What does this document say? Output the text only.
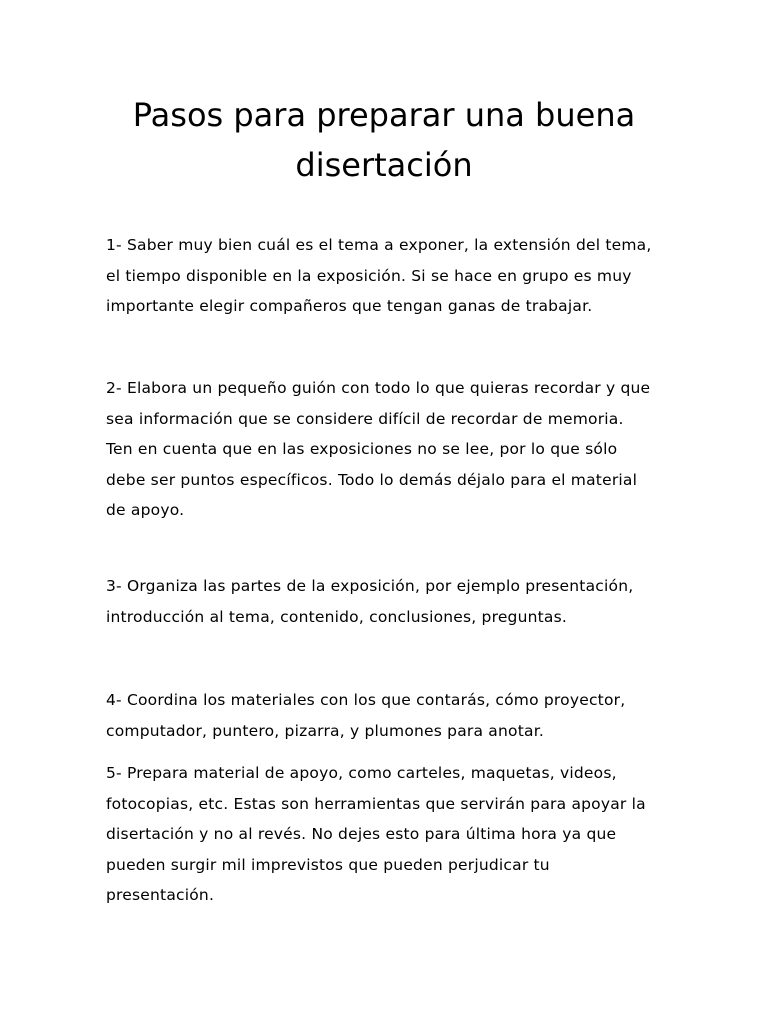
Pasos para preparar una buena
disertación

1- Saber muy bien cuál es el tema a exponer, la extensión del tema,
el tiempo disponible en la exposición. Si se hace en grupo es muy
importante elegir compañeros que tengan ganas de trabajar.

2- Elabora un pequeño guión con todo lo que quieras recordar y que
sea información que se considere difícil de recordar de memoria.
Ten en cuenta que en las exposiciones no se lee, por lo que sólo
debe ser puntos específicos. Todo lo demás déjalo para el material
de apoyo.

3- Organiza las partes de la exposición, por ejemplo presentación,
introducción al tema, contenido, conclusiones, preguntas.

4- Coordina los materiales con los que contarás, cómo proyector,
computador, puntero, pizarra, y plumones para anotar.

5- Prepara material de apoyo, como carteles, maquetas, videos,
fotocopias, etc. Estas son herramientas que servirán para apoyar la
disertación y no al revés. No dejes esto para última hora ya que
pueden surgir mil imprevistos que pueden perjudicar tu
presentación.
